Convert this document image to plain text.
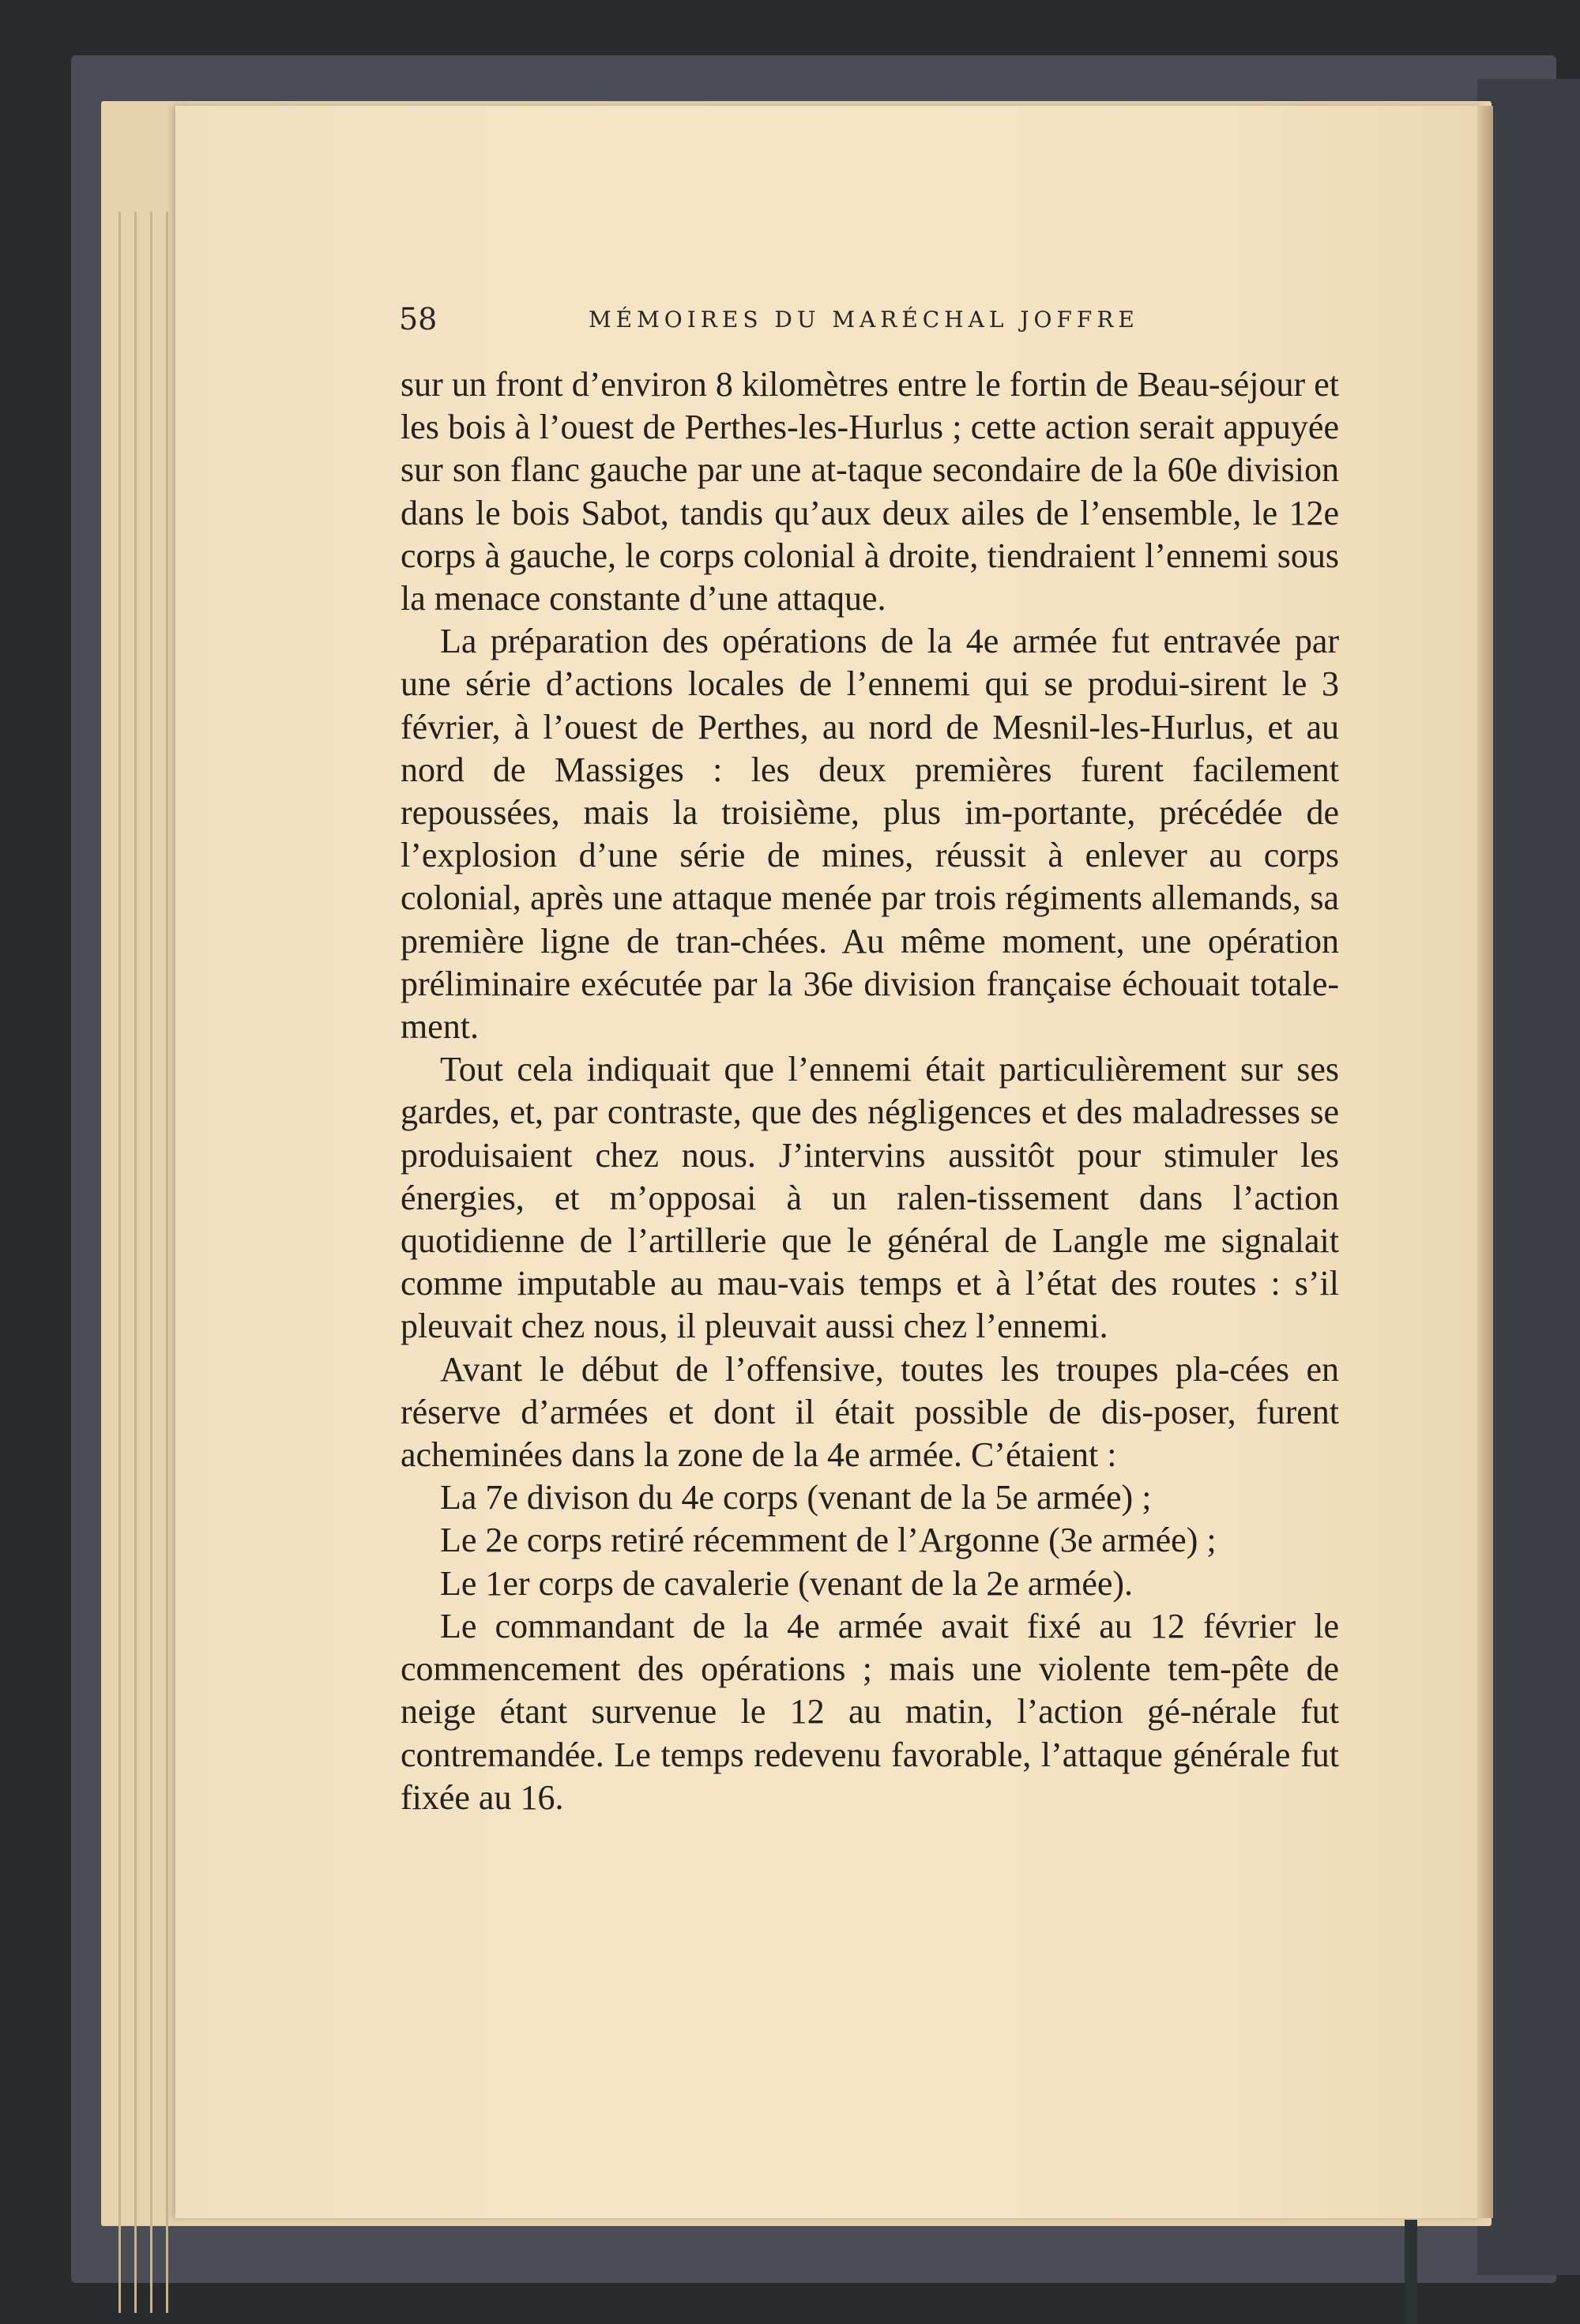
58	MÉMOIRES DU MARÉCHAL JOFFRE

sur un front d’environ 8 kilomètres entre le fortin de Beau-séjour et les bois à l’ouest de Perthes-les-Hurlus ; cette action serait appuyée sur son flanc gauche par une at-taque secondaire de la 60e division dans le bois Sabot, tandis qu’aux deux ailes de l’ensemble, le 12e corps à gauche, le corps colonial à droite, tiendraient l’ennemi sous la menace constante d’une attaque.

La préparation des opérations de la 4e armée fut entravée par une série d’actions locales de l’ennemi qui se produi-sirent le 3 février, à l’ouest de Perthes, au nord de Mesnil-les-Hurlus, et au nord de Massiges : les deux premières furent facilement repoussées, mais la troisième, plus im-portante, précédée de l’explosion d’une série de mines, réussit à enlever au corps colonial, après une attaque menée par trois régiments allemands, sa première ligne de tran-chées. Au même moment, une opération préliminaire exécutée par la 36e division française échouait totale-ment.

Tout cela indiquait que l’ennemi était particulièrement sur ses gardes, et, par contraste, que des négligences et des maladresses se produisaient chez nous. J’intervins aussitôt pour stimuler les énergies, et m’opposai à un ralen-tissement dans l’action quotidienne de l’artillerie que le général de Langle me signalait comme imputable au mau-vais temps et à l’état des routes : s’il pleuvait chez nous, il pleuvait aussi chez l’ennemi.

Avant le début de l’offensive, toutes les troupes pla-cées en réserve d’armées et dont il était possible de dis-poser, furent acheminées dans la zone de la 4e armée. C’étaient :

La 7e divison du 4e corps (venant de la 5e armée) ;

Le 2e corps retiré récemment de l’Argonne (3e armée) ;

Le 1er corps de cavalerie (venant de la 2e armée).

Le commandant de la 4e armée avait fixé au 12 février le commencement des opérations ; mais une violente tem-pête de neige étant survenue le 12 au matin, l’action gé-nérale fut contremandée. Le temps redevenu favorable, l’attaque générale fut fixée au 16.
